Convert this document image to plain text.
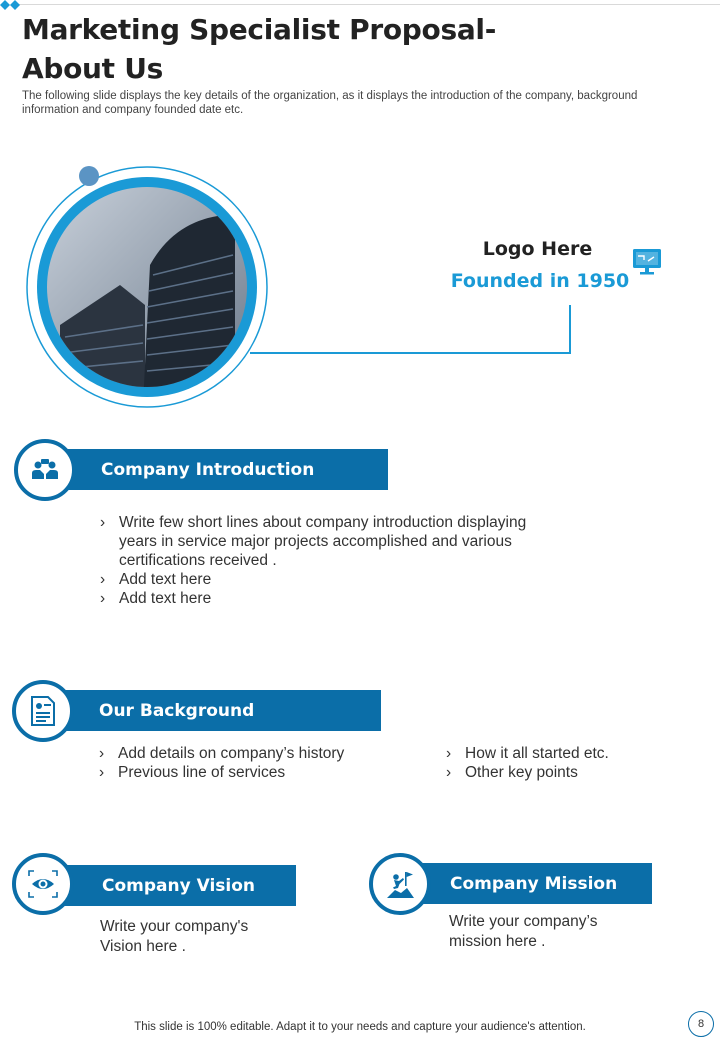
Marketing Specialist Proposal- About Us

The following slide displays the key details of the organization, as it displays the introduction of the company, background information and company founded date etc.

Logo Here
Founded in 1950
Company Introduction
› Write few short lines about company introduction displaying years in service major projects accomplished and various certifications received .
› Add text here
› Add text here
Our Background
› Add details on company’s history
› Previous line of services
› How it all started etc.
› Other key points
Company Vision
Write your company's Vision here .
Company Mission
Write your company’s mission here .
This slide is 100% editable. Adapt it to your needs and capture your audience's attention.	8
